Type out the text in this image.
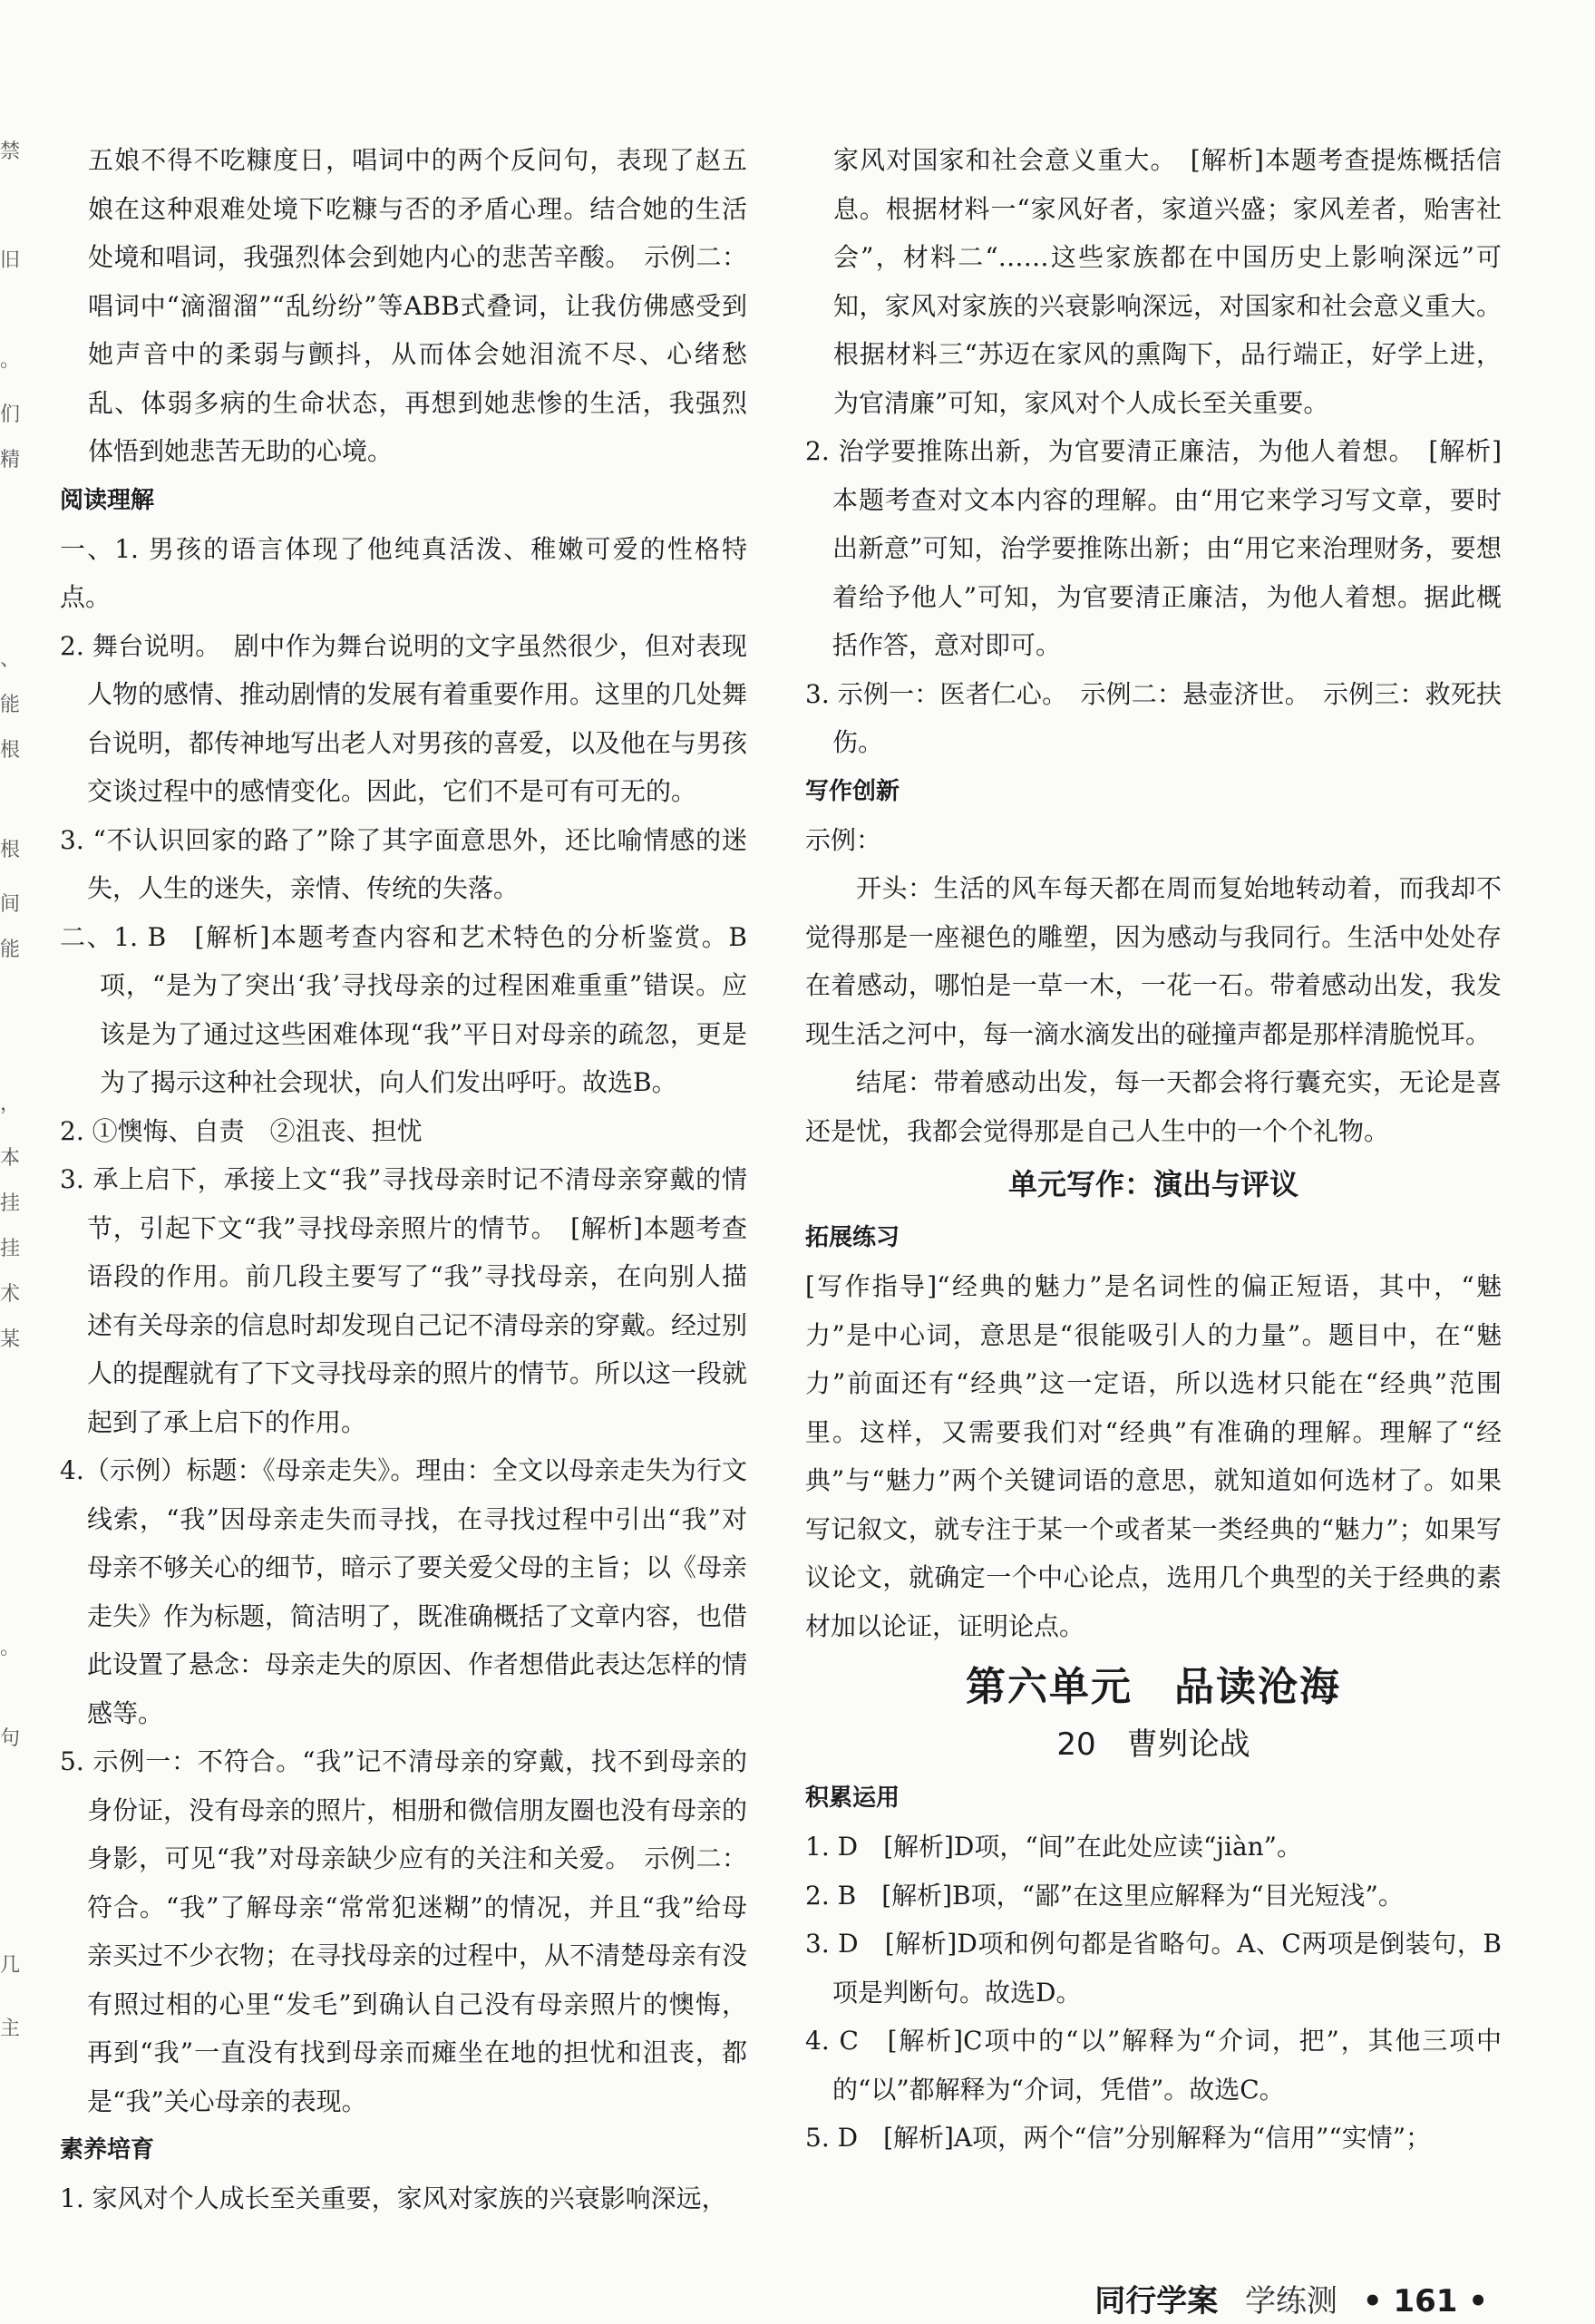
禁
旧
。
们
精
、
能
根
根
间
能
，
本
挂
挂
术
某
。
句
几
主

五娘不得不吃糠度日，唱词中的两个反问句，表现了赵五娘在这种艰难处境下吃糠与否的矛盾心理。结合她的生活处境和唱词，我强烈体会到她内心的悲苦辛酸。　示例二：唱词中“滴溜溜”“乱纷纷”等ABB式叠词，让我仿佛感受到她声音中的柔弱与颤抖，从而体会她泪流不尽、心绪愁乱、体弱多病的生命状态，再想到她悲惨的生活，我强烈体悟到她悲苦无助的心境。

阅读理解

一、1. 男孩的语言体现了他纯真活泼、稚嫩可爱的性格特点。

2. 舞台说明。　剧中作为舞台说明的文字虽然很少，但对表现人物的感情、推动剧情的发展有着重要作用。这里的几处舞台说明，都传神地写出老人对男孩的喜爱，以及他在与男孩交谈过程中的感情变化。因此，它们不是可有可无的。

3. “不认识回家的路了”除了其字面意思外，还比喻情感的迷失，人生的迷失，亲情、传统的失落。

二、1. B　[解析]本题考查内容和艺术特色的分析鉴赏。B项，“是为了突出‘我’寻找母亲的过程困难重重”错误。应该是为了通过这些困难体现“我”平日对母亲的疏忽，更是为了揭示这种社会现状，向人们发出呼吁。故选B。

2. ①懊悔、自责　②沮丧、担忧

3. 承上启下，承接上文“我”寻找母亲时记不清母亲穿戴的情节，引起下文“我”寻找母亲照片的情节。　[解析]本题考查语段的作用。前几段主要写了“我”寻找母亲，在向别人描述有关母亲的信息时却发现自己记不清母亲的穿戴。经过别人的提醒就有了下文寻找母亲的照片的情节。所以这一段就起到了承上启下的作用。

4.（示例）标题：《母亲走失》。理由：全文以母亲走失为行文线索，“我”因母亲走失而寻找，在寻找过程中引出“我”对母亲不够关心的细节，暗示了要关爱父母的主旨；以《母亲走失》作为标题，简洁明了，既准确概括了文章内容，也借此设置了悬念：母亲走失的原因、作者想借此表达怎样的情感等。

5. 示例一：不符合。“我”记不清母亲的穿戴，找不到母亲的身份证，没有母亲的照片，相册和微信朋友圈也没有母亲的身影，可见“我”对母亲缺少应有的关注和关爱。　示例二：符合。“我”了解母亲“常常犯迷糊”的情况，并且“我”给母亲买过不少衣物；在寻找母亲的过程中，从不清楚母亲有没有照过相的心里“发毛”到确认自己没有母亲照片的懊悔，再到“我”一直没有找到母亲而瘫坐在地的担忧和沮丧，都是“我”关心母亲的表现。

素养培育

1. 家风对个人成长至关重要，家风对家族的兴衰影响深远，

家风对国家和社会意义重大。　[解析]本题考查提炼概括信息。根据材料一“家风好者，家道兴盛；家风差者，贻害社会”，材料二“……这些家族都在中国历史上影响深远”可知，家风对家族的兴衰影响深远，对国家和社会意义重大。根据材料三“苏迈在家风的熏陶下，品行端正，好学上进，为官清廉”可知，家风对个人成长至关重要。

2. 治学要推陈出新，为官要清正廉洁，为他人着想。　[解析]本题考查对文本内容的理解。由“用它来学习写文章，要时出新意”可知，治学要推陈出新；由“用它来治理财务，要想着给予他人”可知，为官要清正廉洁，为他人着想。据此概括作答，意对即可。

3. 示例一：医者仁心。　示例二：悬壶济世。　示例三：救死扶伤。

写作创新

示例：

开头：生活的风车每天都在周而复始地转动着，而我却不觉得那是一座褪色的雕塑，因为感动与我同行。生活中处处存在着感动，哪怕是一草一木，一花一石。带着感动出发，我发现生活之河中，每一滴水滴发出的碰撞声都是那样清脆悦耳。

结尾：带着感动出发，每一天都会将行囊充实，无论是喜还是忧，我都会觉得那是自己人生中的一个个礼物。

单元写作：演出与评议

拓展练习

[写作指导]“经典的魅力”是名词性的偏正短语，其中，“魅力”是中心词，意思是“很能吸引人的力量”。题目中，在“魅力”前面还有“经典”这一定语，所以选材只能在“经典”范围里。这样，又需要我们对“经典”有准确的理解。理解了“经典”与“魅力”两个关键词语的意思，就知道如何选材了。如果写记叙文，就专注于某一个或者某一类经典的“魅力”；如果写议论文，就确定一个中心论点，选用几个典型的关于经典的素材加以论证，证明论点。

第六单元　品读沧海

20　曹刿论战

积累运用

1. D　[解析]D项，“间”在此处应读“jiàn”。

2. B　[解析]B项，“鄙”在这里应解释为“目光短浅”。

3. D　[解析]D项和例句都是省略句。A、C两项是倒装句，B项是判断句。故选D。

4. C　[解析]C项中的“以”解释为“介词，把”，其他三项中的“以”都解释为“介词，凭借”。故选C。

5. D　[解析]A项，两个“信”分别解释为“信用”“实情”；

同行学案 学练测 • 161 •
